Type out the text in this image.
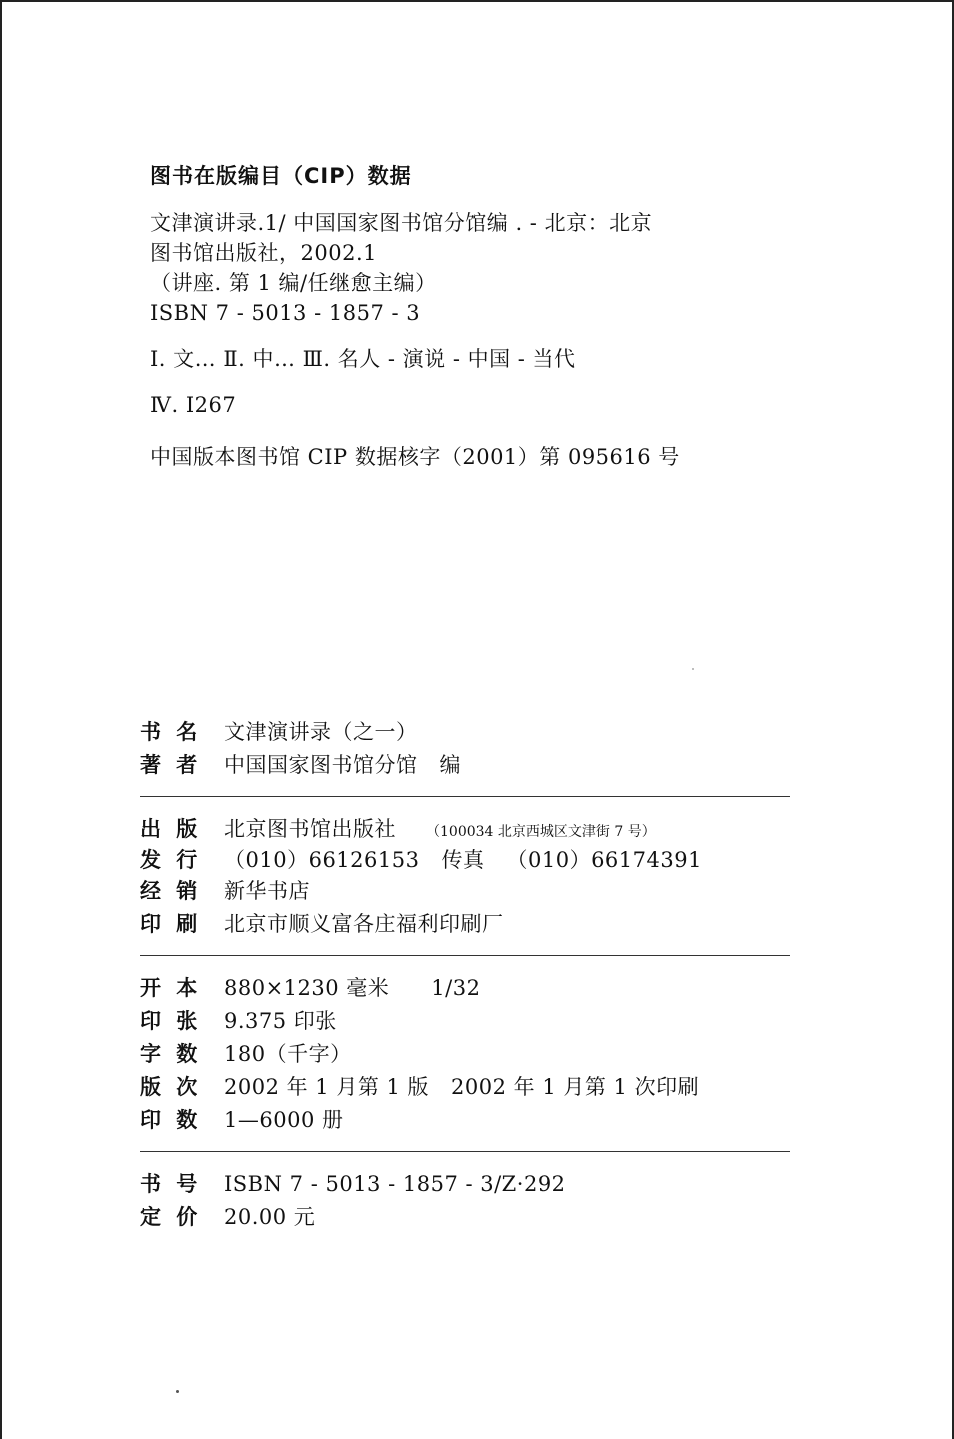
图书在版编目（CIP）数据
文津演讲录.1/ 中国国家图书馆分馆编 . - 北京：北京
图书馆出版社，2002.1
（讲座. 第 1 编/任继愈主编）
ISBN 7 - 5013 - 1857 - 3
Ⅰ. 文… Ⅱ. 中… Ⅲ. 名人 - 演说 - 中国 - 当代
Ⅳ. I267
中国版本图书馆 CIP 数据核字（2001）第 095616 号
书 名	文津演讲录（之一）
著 者	中国国家图书馆分馆 编
出 版	北京图书馆出版社 （100034 北京西城区文津街 7 号）
发 行	（010）66126153 传真 （010）66174391
经 销	新华书店
印 刷	北京市顺义富各庄福利印刷厂
开 本	880×1230 毫米 1/32
印 张	9.375 印张
字 数	180（千字）
版 次	2002 年 1 月第 1 版 2002 年 1 月第 1 次印刷
印 数	1—6000 册
书 号	ISBN 7 - 5013 - 1857 - 3/Z·292
定 价	20.00 元
